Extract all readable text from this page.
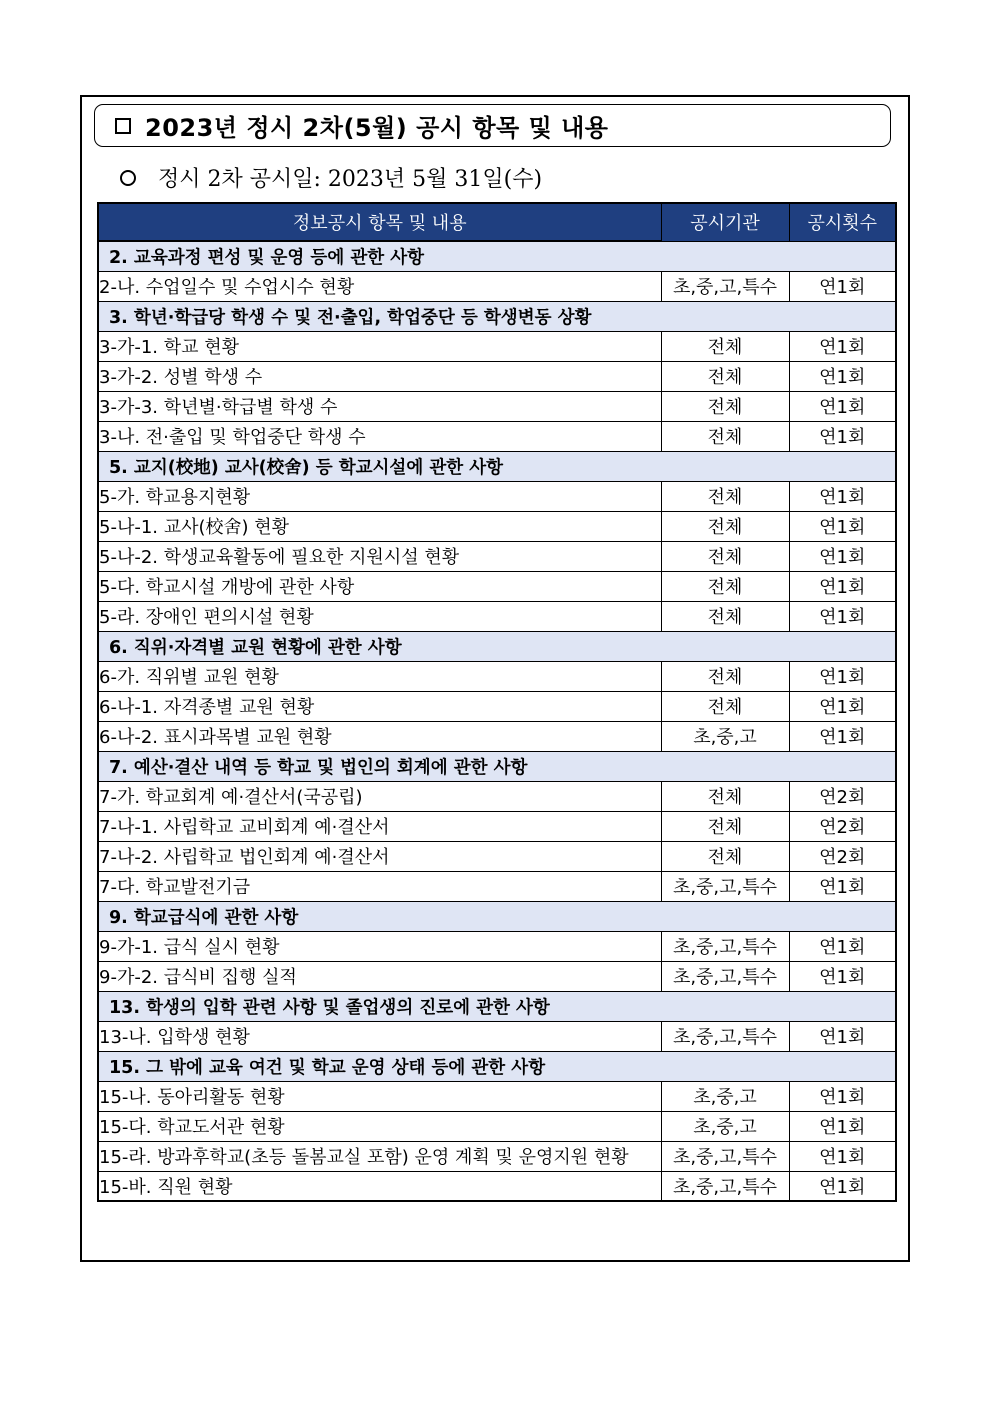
2023년 정시 2차(5월) 공시 항목 및 내용
정시 2차 공시일: 2023년 5월 31일(수)
정보공시 항목 및 내용	공시기관	공시횟수
2. 교육과정 편성 및 운영 등에 관한 사항		
2-나. 수업일수 및 수업시수 현황	초,중,고,특수	연1회
3. 학년·학급당 학생 수 및 전·출입, 학업중단 등 학생변동 상황		
3-가-1. 학교 현황	전체	연1회
3-가-2. 성별 학생 수	전체	연1회
3-가-3. 학년별·학급별 학생 수	전체	연1회
3-나. 전·출입 및 학업중단 학생 수	전체	연1회
5. 교지(校地) 교사(校舍) 등 학교시설에 관한 사항		
5-가. 학교용지현황	전체	연1회
5-나-1. 교사(校舍) 현황	전체	연1회
5-나-2. 학생교육활동에 필요한 지원시설 현황	전체	연1회
5-다. 학교시설 개방에 관한 사항	전체	연1회
5-라. 장애인 편의시설 현황	전체	연1회
6. 직위·자격별 교원 현황에 관한 사항		
6-가. 직위별 교원 현황	전체	연1회
6-나-1. 자격종별 교원 현황	전체	연1회
6-나-2. 표시과목별 교원 현황	초,중,고	연1회
7. 예산·결산 내역 등 학교 및 법인의 회계에 관한 사항		
7-가. 학교회계 예·결산서(국공립)	전체	연2회
7-나-1. 사립학교 교비회계 예·결산서	전체	연2회
7-나-2. 사립학교 법인회계 예·결산서	전체	연2회
7-다. 학교발전기금	초,중,고,특수	연1회
9. 학교급식에 관한 사항		
9-가-1. 급식 실시 현황	초,중,고,특수	연1회
9-가-2. 급식비 집행 실적	초,중,고,특수	연1회
13. 학생의 입학 관련 사항 및 졸업생의 진로에 관한 사항		
13-나. 입학생 현황	초,중,고,특수	연1회
15. 그 밖에 교육 여건 및 학교 운영 상태 등에 관한 사항		
15-나. 동아리활동 현황	초,중,고	연1회
15-다. 학교도서관 현황	초,중,고	연1회
15-라. 방과후학교(초등 돌봄교실 포함) 운영 계획 및 운영지원 현황	초,중,고,특수	연1회
15-바. 직원 현황	초,중,고,특수	연1회
